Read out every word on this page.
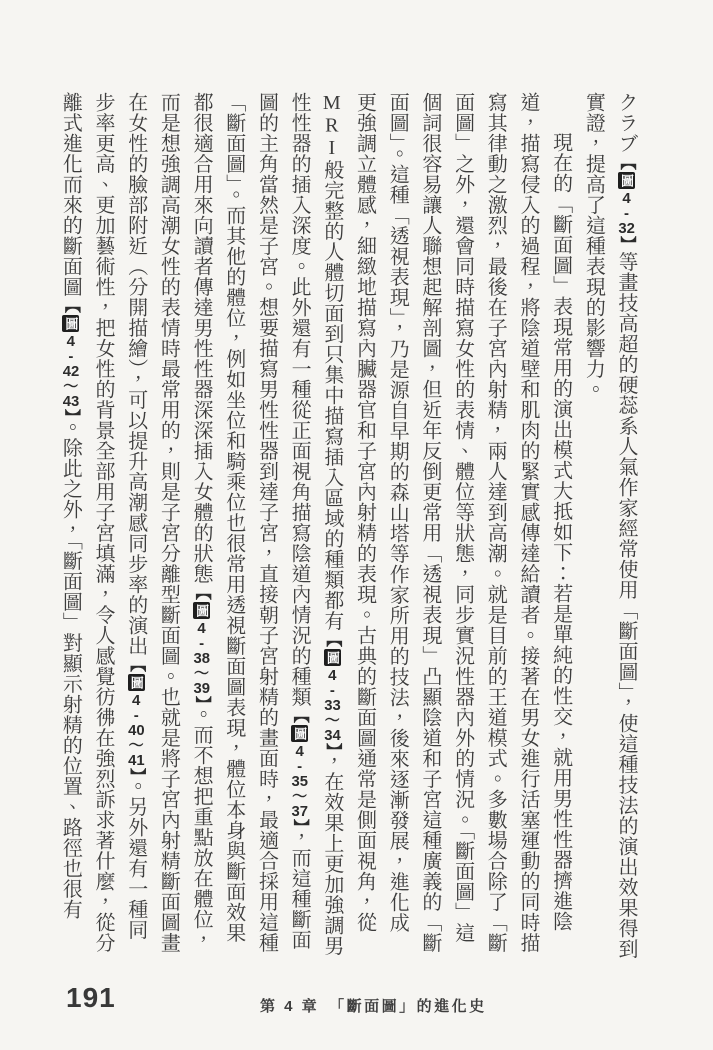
クラブ【圖4-32】等畫技高超的硬蕊系人氣作家經常使用「斷面圖」，使這種技法的演出效果得到
實證，提高了這種表現的影響力。
現在的「斷面圖」表現常用的演出模式大抵如下：若是單純的性交，就用男性性器擠進陰
道，描寫侵入的過程，將陰道壁和肌肉的緊實感傳達給讀者。接著在男女進行活塞運動的同時描
寫其律動之激烈，最後在子宮內射精，兩人達到高潮。就是目前的王道模式。多數場合除了「斷
面圖」之外，還會同時描寫女性的表情、體位等狀態，同步實況性器內外的情況。「斷面圖」這
個詞很容易讓人聯想起解剖圖，但近年反倒更常用「透視表現」凸顯陰道和子宮這種廣義的「斷
面圖」。這種「透視表現」，乃是源自早期的森山塔等作家所用的技法，後來逐漸發展，進化成
更強調立體感，細緻地描寫內臟器官和子宮內射精的表現。古典的斷面圖通常是側面視角，從
MRI般完整的人體切面到只集中描寫插入區域的種類都有【圖4-33〜34】，在效果上更加強調男
性性器的插入深度。此外還有一種從正面視角描寫陰道內情況的種類【圖4-35〜37】，而這種斷面
圖的主角當然是子宮。想要描寫男性性器到達子宮，直接朝子宮射精的畫面時，最適合採用這種
「斷面圖」。而其他的體位，例如坐位和騎乘位也很常用透視斷面圖表現，體位本身與斷面效果
都很適合用來向讀者傳達男性性器深深插入女體的狀態【圖4-38〜39】。而不想把重點放在體位，
而是想強調高潮女性的表情時最常用的，則是子宮分離型斷面圖。也就是將子宮內射精斷面圖畫
在女性的臉部附近（分開描繪），可以提升高潮感同步率的演出【圖4-40〜41】。另外還有一種同
步率更高、更加藝術性，把女性的背景全部用子宮填滿，令人感覺彷彿在強烈訴求著什麼，從分
離式進化而來的斷面圖【圖4-42〜43】。除此之外，「斷面圖」對顯示射精的位置、路徑也很有
191	第 4 章　「斷面圖」的進化史
